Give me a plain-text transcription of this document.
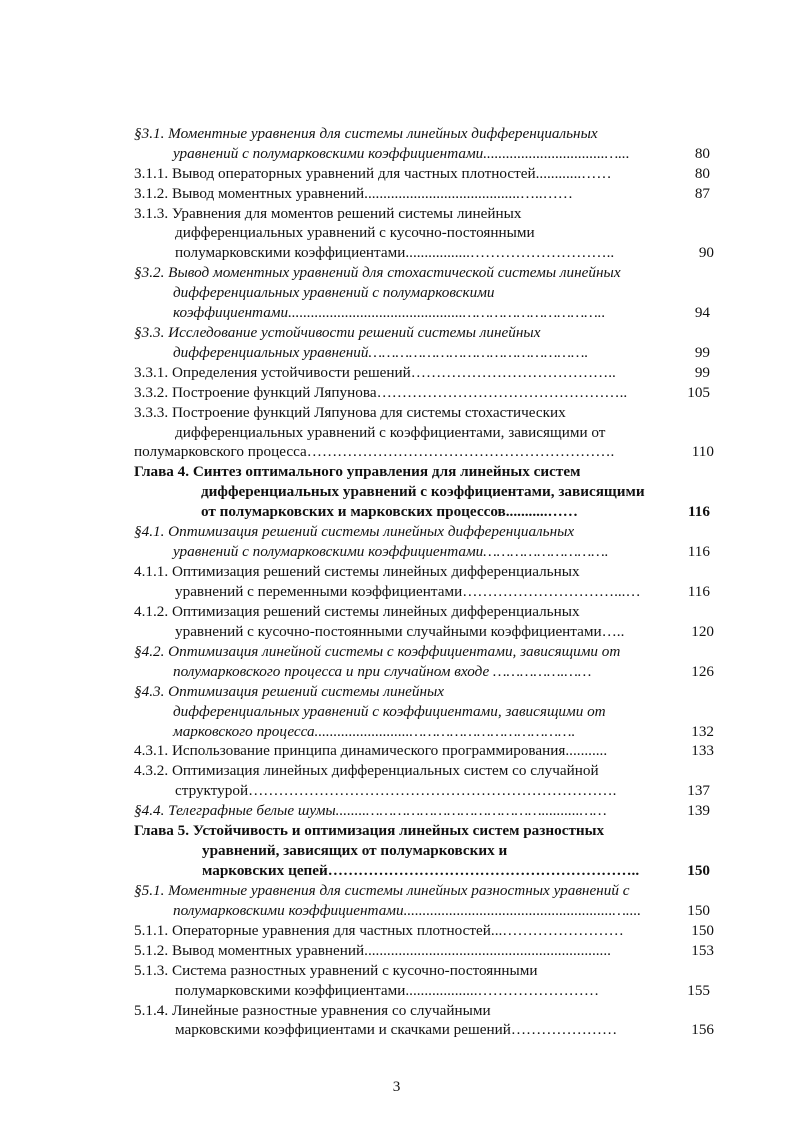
§3.1. Моментные уравнения для системы линейных дифференциальных
уравнений с полумарковскими коэффициентами................................…...	80
3.1.1. Вывод операторных уравнений для частных плотностей............……	80
3.1.2. Вывод моментных уравнений.........................................…..……	87
3.1.3. Уравнения для моментов решений системы линейных
дифференциальных уравнений с кусочно-постоянными
полумарковскими коэффициентами.................………………………..	90
§3.2. Вывод моментных уравнений для стохастической системы линейных
дифференциальных уравнений с полумарковскими
коэффициентами..............................................…………………………..	94
§3.3. Исследование устойчивости решений системы линейных
дифференциальных уравнений………………………………………….	99
3.3.1. Определения устойчивости решений…………………………………..	99
3.3.2. Построение функций Ляпунова…………………………………………..	105
3.3.3. Построение функций Ляпунова для системы стохастических
дифференциальных уравнений с коэффициентами, зависящими от
полумарковского процесса…………………………………………………….	110
Глава 4. Синтез оптимального управления для линейных систем
дифференциальных уравнений с коэффициентами, зависящими
от полумарковских и марковских процессов...........……	116
§4.1. Оптимизация решений системы линейных дифференциальных
уравнений с полумарковскими коэффициентами……………………….	116
4.1.1. Оптимизация решений системы линейных дифференциальных
уравнений с переменными коэффициентами…………………………...…	116
4.1.2. Оптимизация решений системы линейных дифференциальных
уравнений с кусочно-постоянными случайными коэффициентами…..	120
§4.2. Оптимизация линейной системы с коэффициентами, зависящими от
полумарковского процесса и при случайном входе …………….……	126
§4.3. Оптимизация решений системы линейных
дифференциальных уравнений с коэффициентами, зависящими от
марковского процесса.........................……………………………….	132
4.3.1. Использование принципа динамического программирования...........	133
4.3.2. Оптимизация линейных дифференциальных систем со случайной
структурой……………………………………………………………….	137
§4.4. Телеграфные белые шумы........…………………………………..........……	139
Глава 5. Устойчивость и оптимизация линейных систем разностных
уравнений, зависящих от полумарковских и
марковских цепей……………………………………………………..	150
§5.1. Моментные уравнения для системы линейных разностных уравнений с
полумарковскими коэффициентами.......................................................…....	150
5.1.1. Операторные уравнения для частных плотностей...……………………	150
5.1.2. Вывод моментных уравнений.................................................................	153
5.1.3. Система разностных уравнений с кусочно-постоянными
полумарковскими коэффициентами...................……………………	155
5.1.4. Линейные разностные уравнения со случайными
марковскими коэффициентами и скачками решений…………………	156
3
